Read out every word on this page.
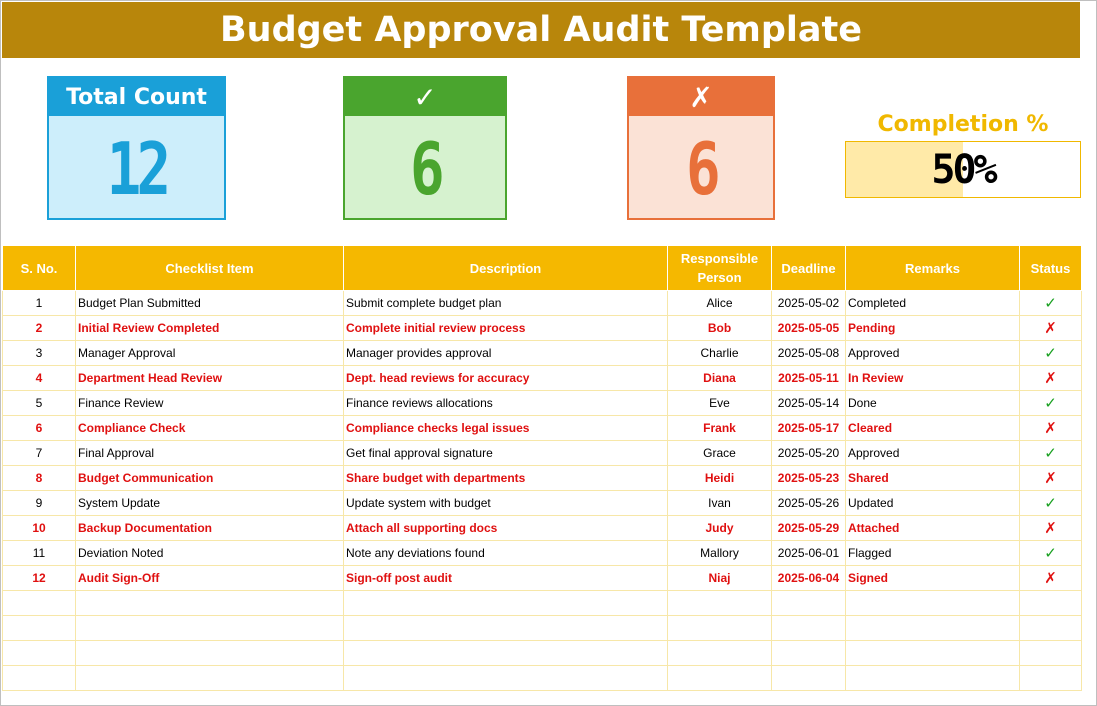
Budget Approval Audit Template
Total Count
12
✓
6
✗
6
Completion %
50%
S. No.	Checklist Item	Description	Responsible Person	Deadline	Remarks	Status
1	Budget Plan Submitted	Submit complete budget plan	Alice	2025-05-02	Completed	✓
2	Initial Review Completed	Complete initial review process	Bob	2025-05-05	Pending	✗
3	Manager Approval	Manager provides approval	Charlie	2025-05-08	Approved	✓
4	Department Head Review	Dept. head reviews for accuracy	Diana	2025-05-11	In Review	✗
5	Finance Review	Finance reviews allocations	Eve	2025-05-14	Done	✓
6	Compliance Check	Compliance checks legal issues	Frank	2025-05-17	Cleared	✗
7	Final Approval	Get final approval signature	Grace	2025-05-20	Approved	✓
8	Budget Communication	Share budget with departments	Heidi	2025-05-23	Shared	✗
9	System Update	Update system with budget	Ivan	2025-05-26	Updated	✓
10	Backup Documentation	Attach all supporting docs	Judy	2025-05-29	Attached	✗
11	Deviation Noted	Note any deviations found	Mallory	2025-06-01	Flagged	✓
12	Audit Sign-Off	Sign-off post audit	Niaj	2025-06-04	Signed	✗
